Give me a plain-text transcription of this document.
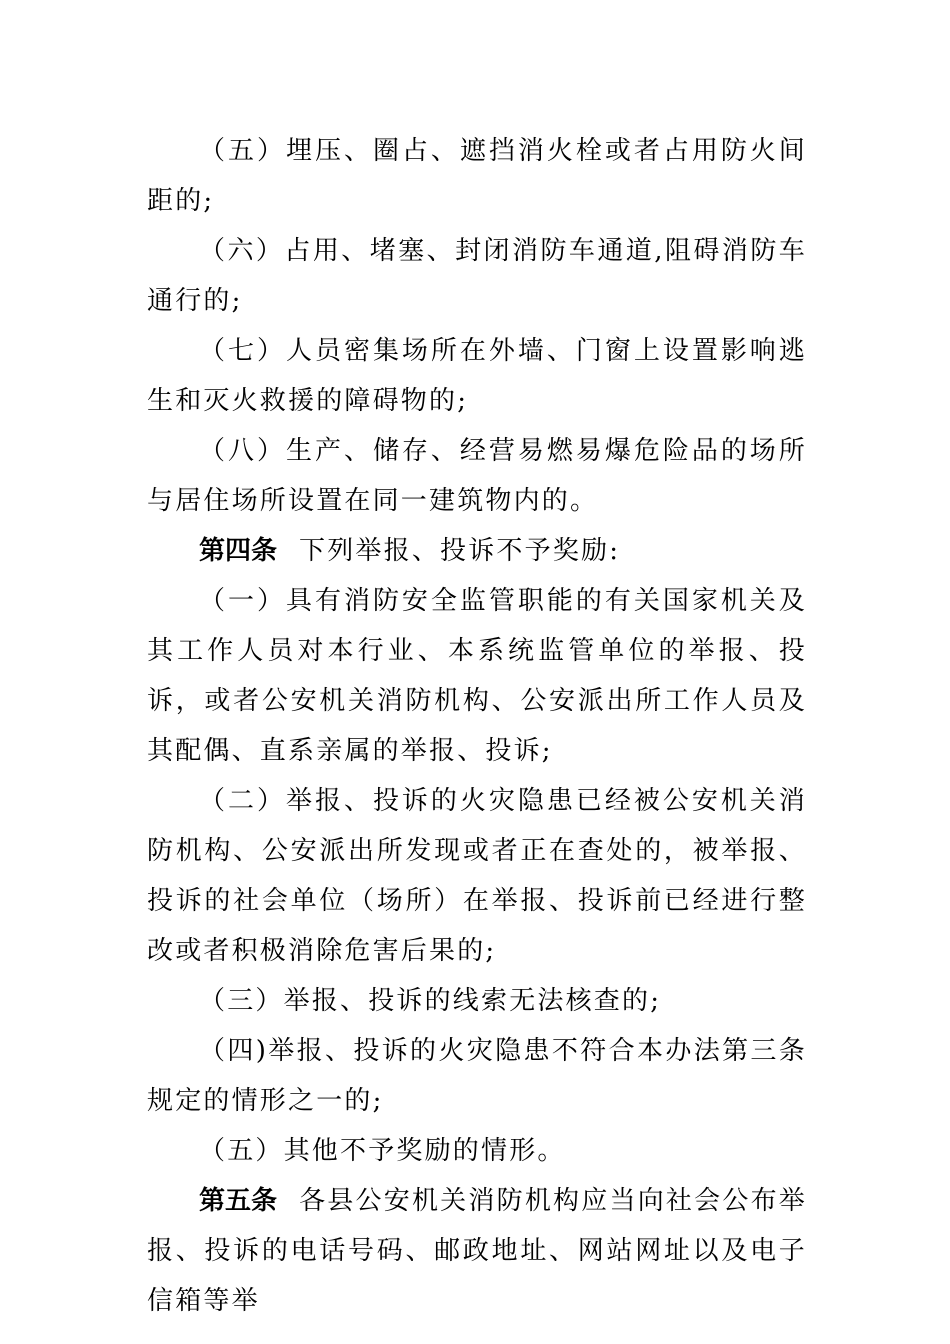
（五）埋压、圈占、遮挡消火栓或者占用防火间距的;

（六）占用、堵塞、封闭消防车通道,阻碍消防车通行的;

（七）人员密集场所在外墙、门窗上设置影响逃生和灭火救援的障碍物的;

（八）生产、储存、经营易燃易爆危险品的场所与居住场所设置在同一建筑物内的。

第四条 下列举报、投诉不予奖励:

（一）具有消防安全监管职能的有关国家机关及其工作人员对本行业、本系统监管单位的举报、投诉，或者公安机关消防机构、公安派出所工作人员及其配偶、直系亲属的举报、投诉;

（二）举报、投诉的火灾隐患已经被公安机关消防机构、公安派出所发现或者正在查处的，被举报、投诉的社会单位（场所）在举报、投诉前已经进行整改或者积极消除危害后果的;

（三）举报、投诉的线索无法核查的;

（四)举报、投诉的火灾隐患不符合本办法第三条规定的情形之一的;

（五）其他不予奖励的情形。

第五条 各县公安机关消防机构应当向社会公布举报、投诉的电话号码、邮政地址、网站网址以及电子信箱等举
